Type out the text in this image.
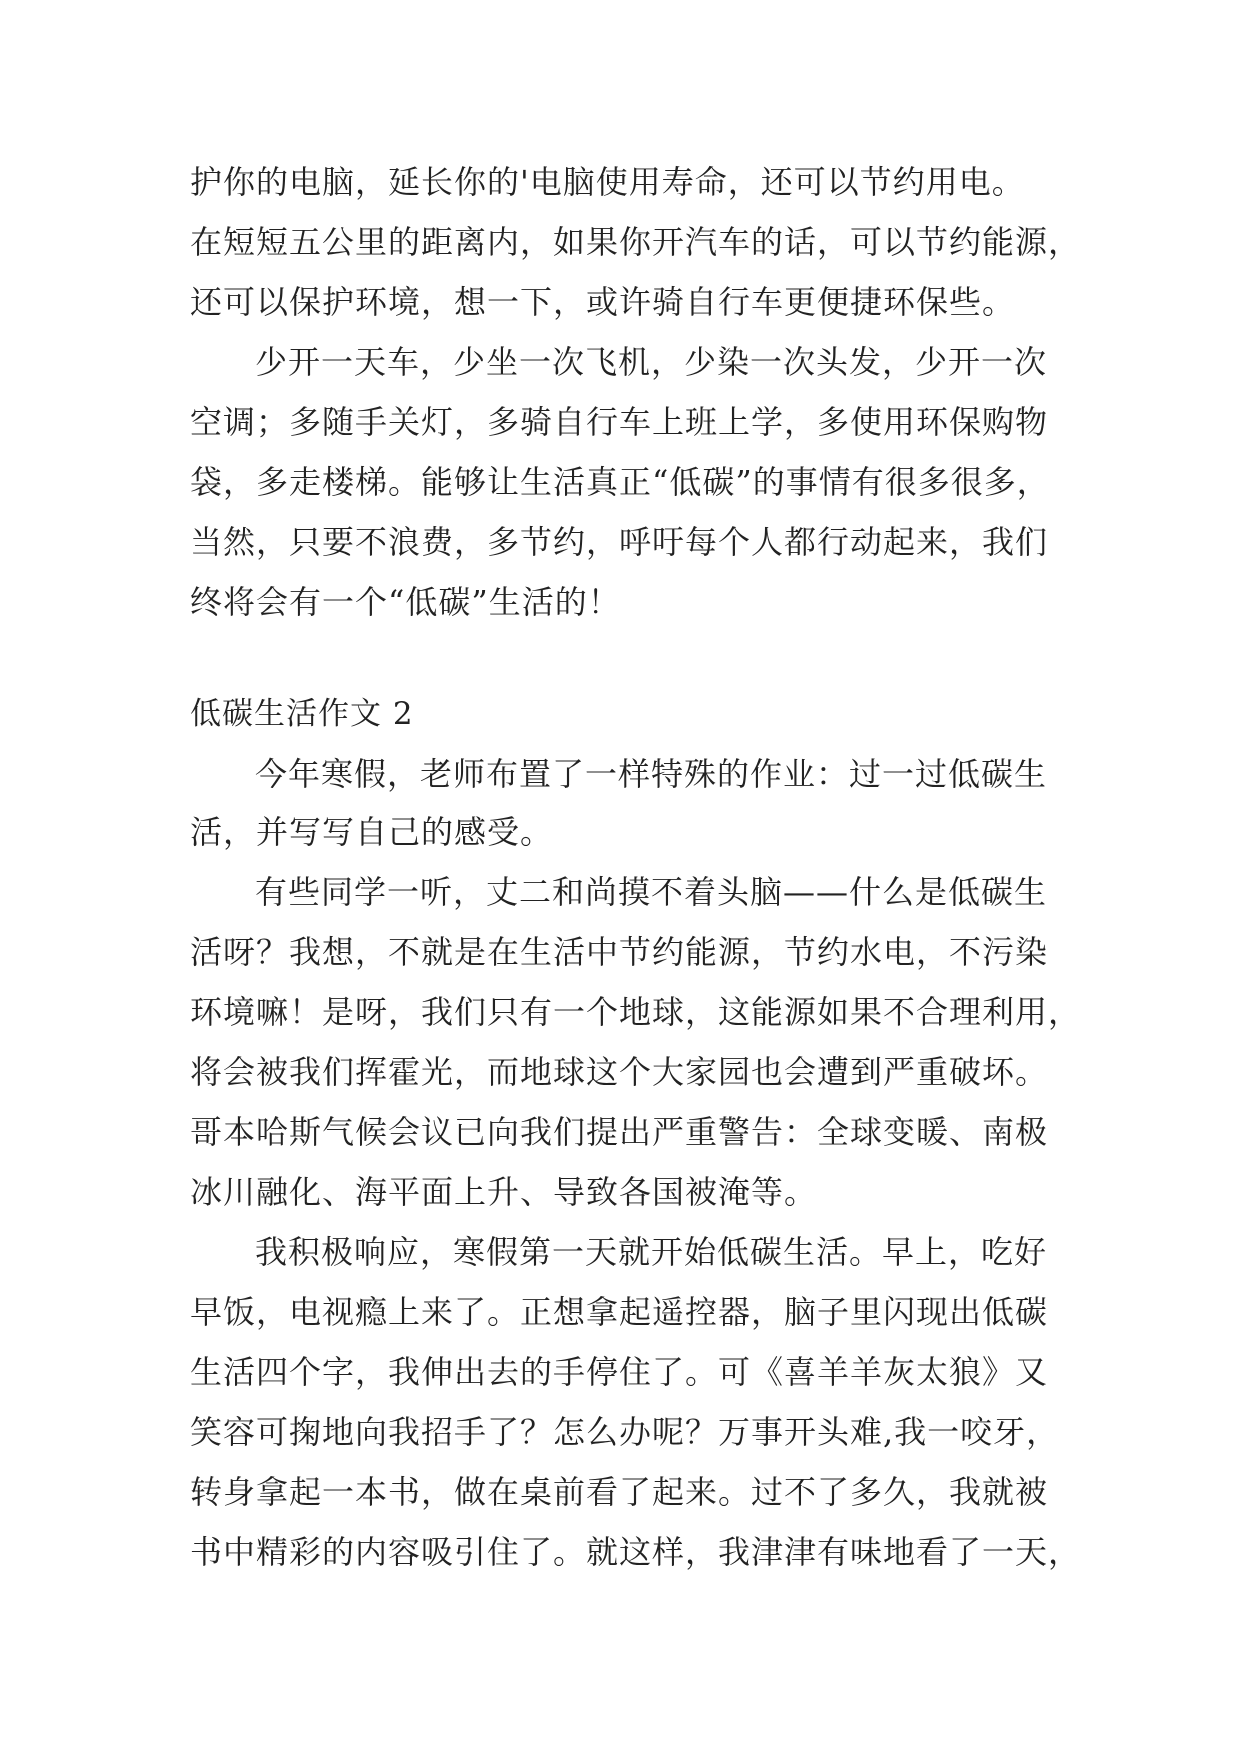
护你的电脑，延长你的'电脑使用寿命，还可以节约用电。
在短短五公里的距离内，如果你开汽车的话，可以节约能源，
还可以保护环境，想一下，或许骑自行车更便捷环保些。
少开一天车，少坐一次飞机，少染一次头发，少开一次
空调；多随手关灯，多骑自行车上班上学，多使用环保购物
袋，多走楼梯。能够让生活真正“低碳”的事情有很多很多，
当然，只要不浪费，多节约，呼吁每个人都行动起来，我们
终将会有一个“低碳”生活的！
低碳生活作文 2
今年寒假，老师布置了一样特殊的作业：过一过低碳生
活，并写写自己的感受。
有些同学一听，丈二和尚摸不着头脑——什么是低碳生
活呀？我想，不就是在生活中节约能源，节约水电，不污染
环境嘛！是呀，我们只有一个地球，这能源如果不合理利用，
将会被我们挥霍光，而地球这个大家园也会遭到严重破坏。
哥本哈斯气候会议已向我们提出严重警告：全球变暖、南极
冰川融化、海平面上升、导致各国被淹等。
我积极响应，寒假第一天就开始低碳生活。早上，吃好
早饭，电视瘾上来了。正想拿起遥控器，脑子里闪现出低碳
生活四个字，我伸出去的手停住了。可《喜羊羊灰太狼》又
笑容可掬地向我招手了？怎么办呢？万事开头难,我一咬牙，
转身拿起一本书，做在桌前看了起来。过不了多久，我就被
书中精彩的内容吸引住了。就这样，我津津有味地看了一天，
